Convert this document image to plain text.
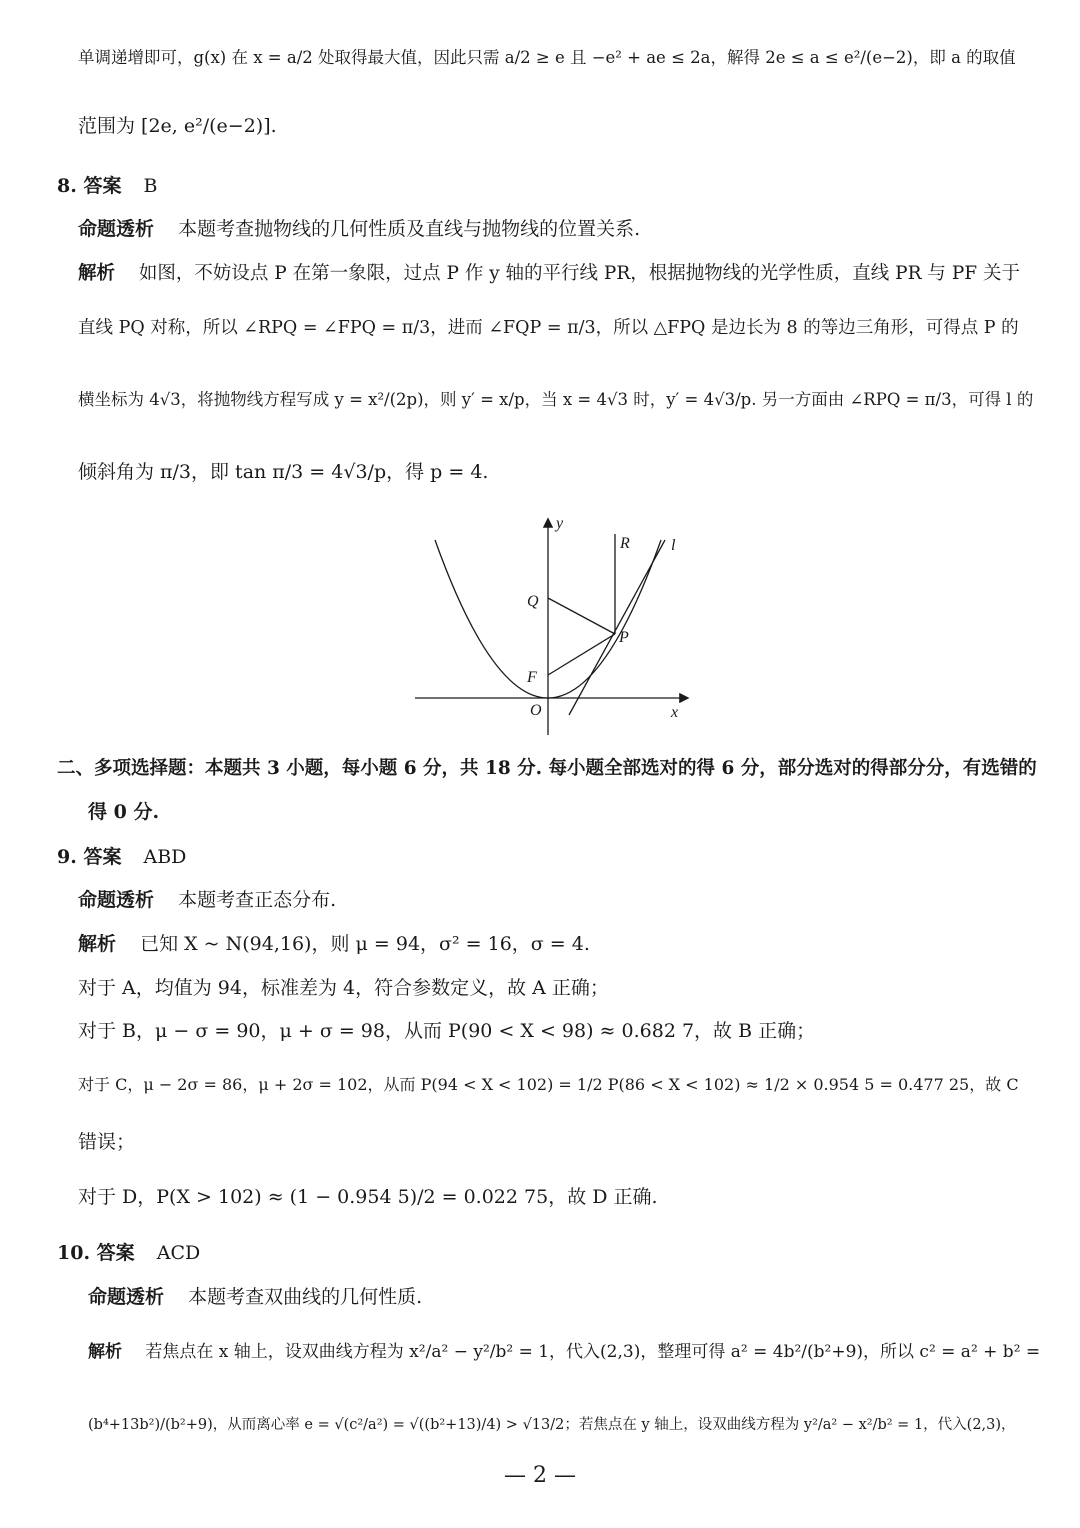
单调递增即可，g(x) 在 x = a/2 处取得最大值，因此只需 a/2 ≥ e 且 −e² + ae ≤ 2a，解得 2e ≤ a ≤ e²/(e−2)，即 a 的取值
范围为 [2e, e²/(e−2)].
8. 答案 B
命题透析 本题考查抛物线的几何性质及直线与抛物线的位置关系.
解析 如图，不妨设点 P 在第一象限，过点 P 作 y 轴的平行线 PR，根据抛物线的光学性质，直线 PR 与 PF 关于
直线 PQ 对称，所以 ∠RPQ = ∠FPQ = π/3，进而 ∠FQP = π/3，所以 △FPQ 是边长为 8 的等边三角形，可得点 P 的
横坐标为 4√3，将抛物线方程写成 y = x²/(2p)，则 y′ = x/p，当 x = 4√3 时，y′ = 4√3/p. 另一方面由 ∠RPQ = π/3，可得 l 的
倾斜角为 π/3，即 tan π/3 = 4√3/p，得 p = 4.
y
x
O
F
Q
P
R	l
二、多项选择题：本题共 3 小题，每小题 6 分，共 18 分. 每小题全部选对的得 6 分，部分选对的得部分分，有选错的
得 0 分.
9. 答案 ABD
命题透析 本题考查正态分布.
解析 已知 X ~ N(94,16)，则 μ = 94，σ² = 16，σ = 4.
对于 A，均值为 94，标准差为 4，符合参数定义，故 A 正确；
对于 B，μ − σ = 90，μ + σ = 98，从而 P(90 < X < 98) ≈ 0.682 7，故 B 正确；
对于 C，μ − 2σ = 86，μ + 2σ = 102，从而 P(94 < X < 102) = 1/2 P(86 < X < 102) ≈ 1/2 × 0.954 5 = 0.477 25，故 C
错误；
对于 D，P(X > 102) ≈ (1 − 0.954 5)/2 = 0.022 75，故 D 正确.
10. 答案 ACD
命题透析 本题考查双曲线的几何性质.
解析 若焦点在 x 轴上，设双曲线方程为 x²/a² − y²/b² = 1，代入(2,3)，整理可得 a² = 4b²/(b²+9)，所以 c² = a² + b² =
(b⁴+13b²)/(b²+9)，从而离心率 e = √(c²/a²) = √((b²+13)/4) > √13/2；若焦点在 y 轴上，设双曲线方程为 y²/a² − x²/b² = 1，代入(2,3)，
— 2 —
